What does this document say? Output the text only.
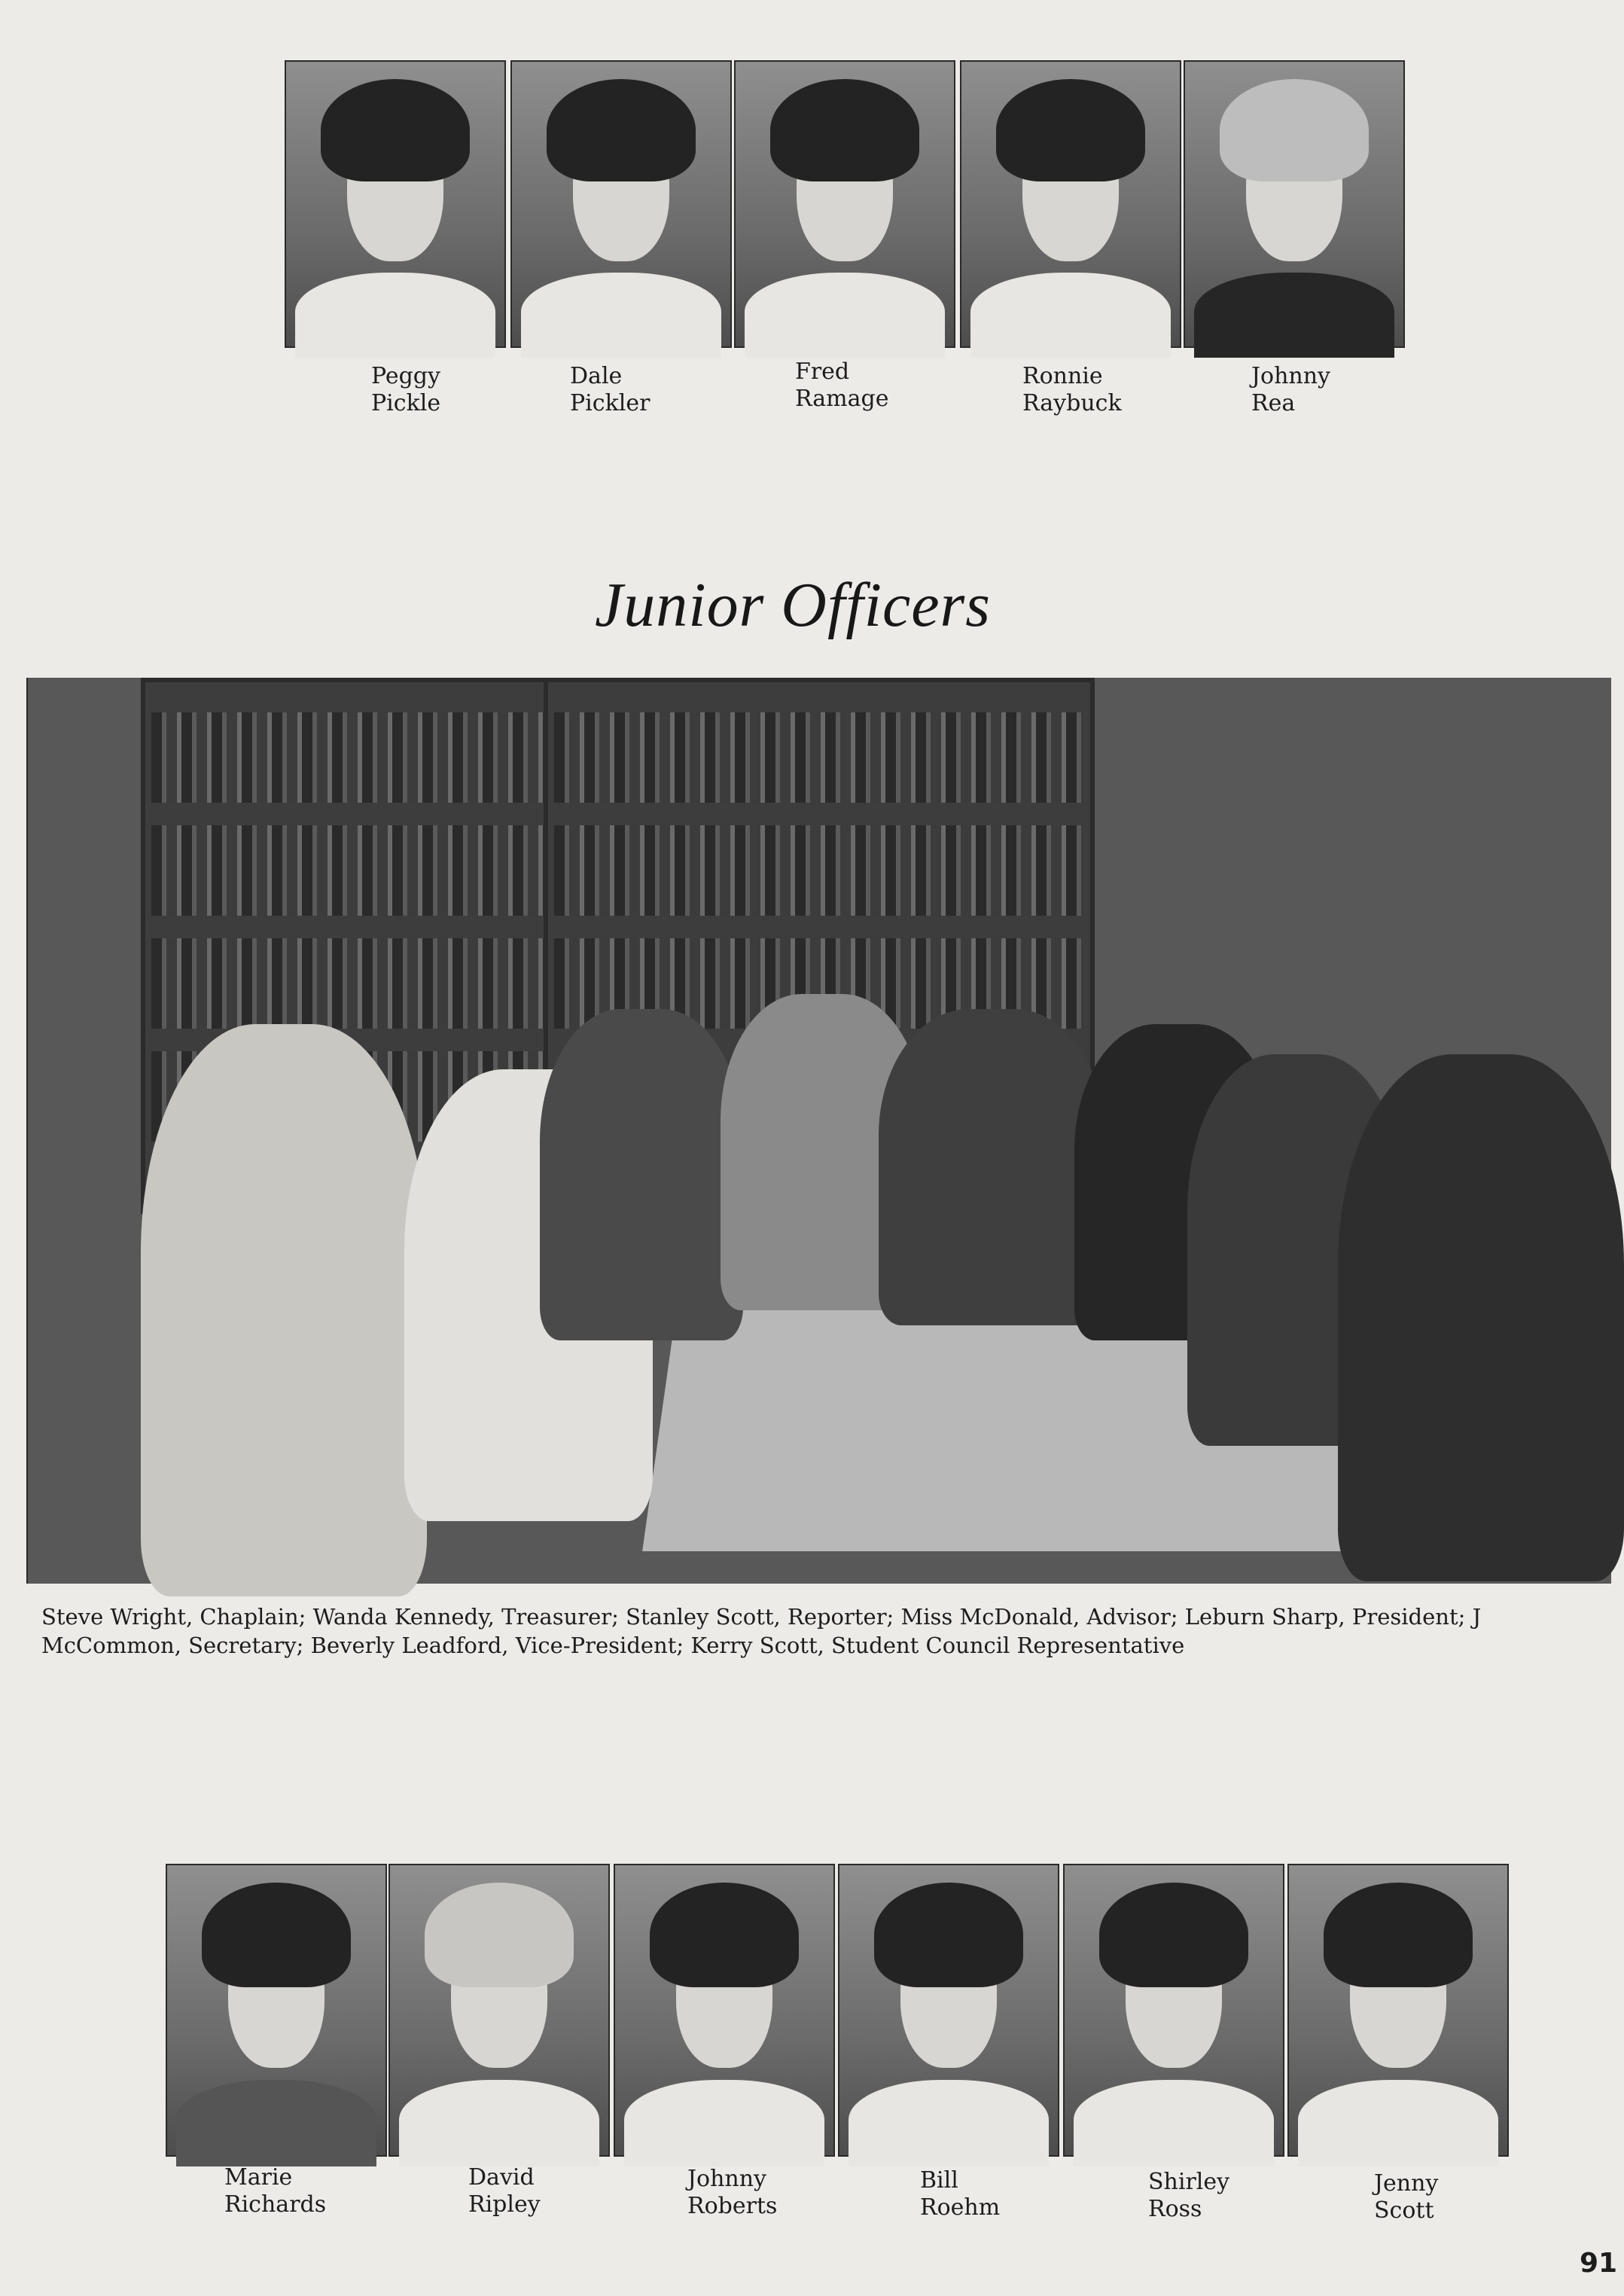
Peggy
Pickle
Dale
Pickler
Fred
Ramage
Ronnie
Raybuck
Johnny
Rea
Junior Officers
Steve Wright, Chaplain; Wanda Kennedy, Treasurer; Stanley Scott, Reporter; Miss McDonald, Advisor; Leburn Sharp, President; J
McCommon, Secretary; Beverly Leadford, Vice-President; Kerry Scott, Student Council Representative
Marie
Richards
David
Ripley
Johnny
Roberts
Bill
Roehm
Shirley
Ross
Jenny
Scott
91
